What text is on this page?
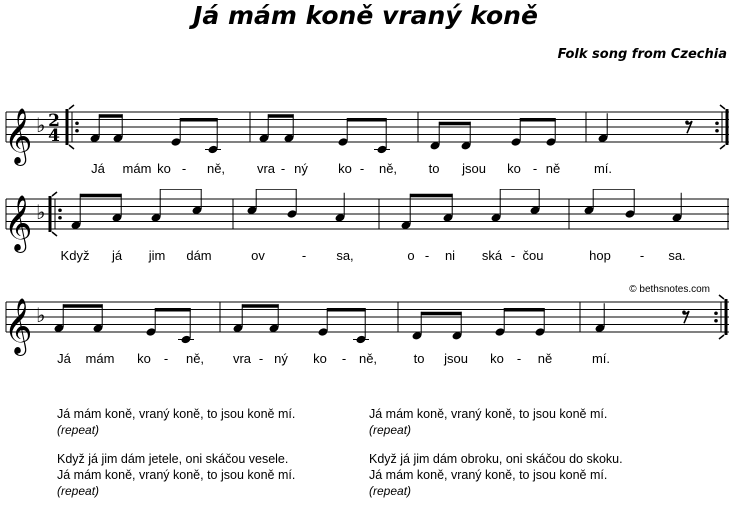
Já mám koně vraný koně
Folk song from Czechia
𝄞 ♭ 2
4
𝄞 ♭
𝄞 ♭
Já mám ko - ně, vra - ný ko - ně, to jsou ko - ně	mí.
Když já jim dám	ov	- sa,	o - ni ská - čou	hop - sa.
Já mám ko - ně, vra - ný ko - ně,	to jsou ko - ně	mí.
© bethsnotes.com
Já mám koně, vraný koně, to jsou koně mí.
(repeat)
Když já jim dám jetele, oni skáčou vesele.
Já mám koně, vraný koně, to jsou koně mí.
(repeat)
Já mám koně, vraný koně, to jsou koně mí.
(repeat)
Když já jim dám obroku, oni skáčou do skoku.
Já mám koně, vraný koně, to jsou koně mí.
(repeat)
